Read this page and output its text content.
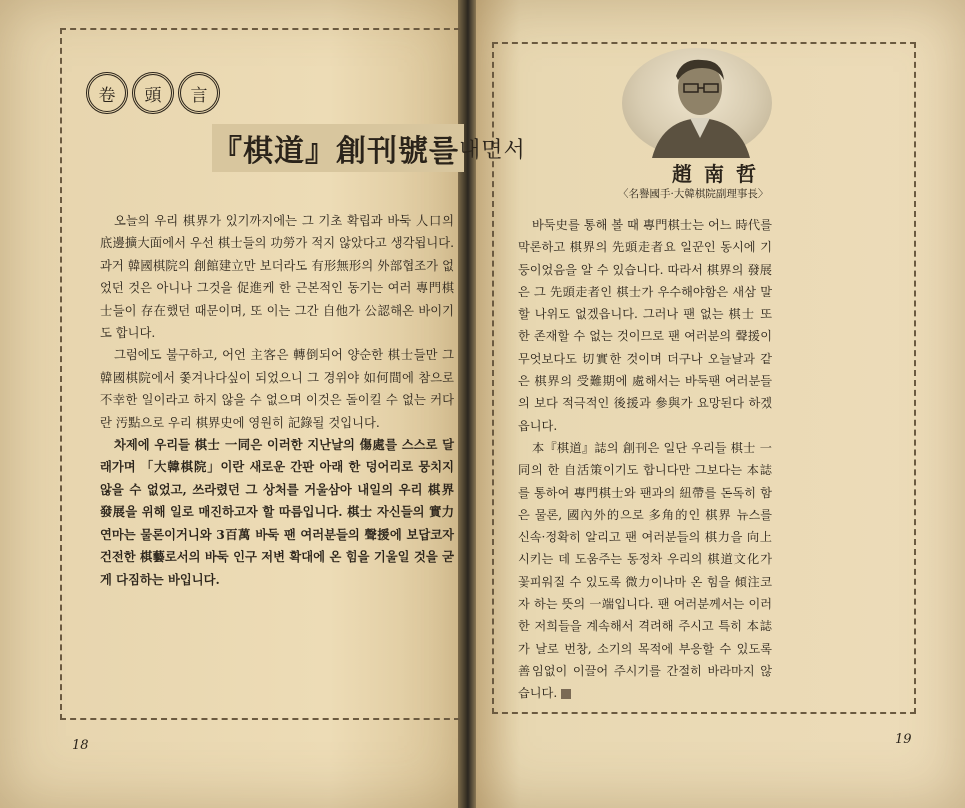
卷	頭	言
『棋道』創刊號를 내면서

오늘의 우리 棋界가 있기까지에는 그 기초 확립과 바둑 人口의 底邊擴大面에서 우선 棋士들의 功勞가 적지 않았다고 생각됩니다. 과거 韓國棋院의 創館建立만 보더라도 有形無形의 外部협조가 없었던 것은 아니나 그것을 促進케 한 근본적인 동기는 여러 專門棋士들이 存在했던 때문이며, 또 이는 그간 自他가 公認해온 바이기도 합니다.

그럼에도 불구하고, 어언 主客은 轉倒되어 양순한 棋士들만 그 韓國棋院에서 쫓겨나다싶이 되었으니 그 경위야 如何間에 참으로 不幸한 일이라고 하지 않을 수 없으며 이것은 돌이킬 수 없는 커다란 汚點으로 우리 棋界史에 영원히 記錄될 것입니다.

차제에 우리들 棋士 一同은 이러한 지난날의 傷處를 스스로 달래가며 「大韓棋院」이란 새로운 간판 아래 한 덩어리로 뭉치지 않을 수 없었고, 쓰라렸던 그 상처를 거울삼아 내일의 우리 棋界 發展을 위해 일로 매진하고자 할 따름입니다. 棋士 자신들의 實力 연마는 물론이거니와 3百萬 바둑 팬 여러분들의 聲援에 보답코자 건전한 棋藝로서의 바둑 인구 저변 확대에 온 힘을 기울일 것을 굳게 다짐하는 바입니다.

18
趙南哲
〈名譽國手·大韓棋院副理事長〉

바둑史를 통해 볼 때 專門棋士는 어느 時代를 막론하고 棋界의 先頭走者요 일꾼인 동시에 기둥이었음을 알 수 있습니다. 따라서 棋界의 發展은 그 先頭走者인 棋士가 우수해야함은 새삼 말할 나위도 없겠읍니다. 그러나 팬 없는 棋士 또한 존재할 수 없는 것이므로 팬 여러분의 聲援이 무엇보다도 切實한 것이며 더구나 오늘날과 같은 棋界의 受難期에 處해서는 바둑팬 여러분들의 보다 적극적인 後援과 參與가 요망된다 하겠읍니다.

本『棋道』誌의 創刊은 일단 우리들 棋士 一同의 한 自活策이기도 합니다만 그보다는 本誌를 통하여 專門棋士와 팬과의 紐帶를 돈독히 함은 물론, 國內外的으로 多角的인 棋界 뉴스를 신속·정확히 알리고 팬 여러분들의 棋力을 向上시키는 데 도움주는 동정차 우리의 棋道文化가 꽃피워질 수 있도록 微力이나마 온 힘을 傾注코자 하는 뜻의 一端입니다. 팬 여러분께서는 이러한 저희들을 계속해서 격려해 주시고 특히 本誌가 날로 번창, 소기의 목적에 부응할 수 있도록 善임없이 이끌어 주시기를 간절히 바라마지 않습니다.

19
